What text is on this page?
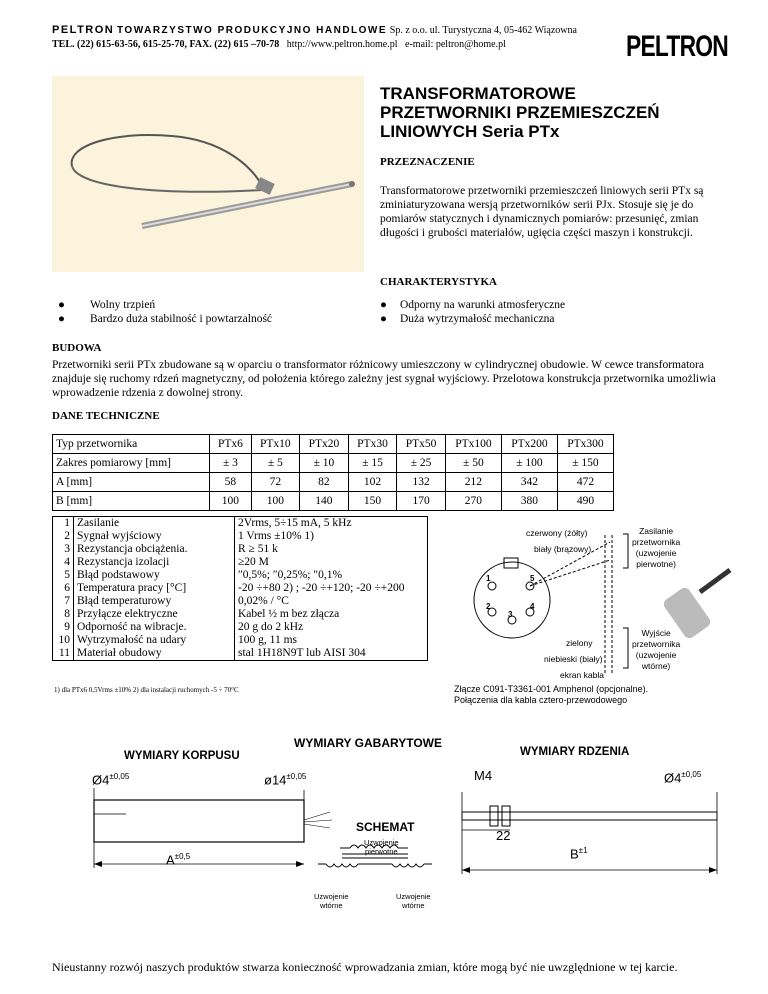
PELTRON TOWARZYSTWO PRODUKCYJNO HANDLOWE Sp. z o.o. ul. Turystyczna 4, 05-462 Wiązowna
TEL. (22) 615-63-56, 615-25-70, FAX. (22) 615 –70-78 http://www.peltron.home.pl e-mail: peltron@home.pl	PELTRON
TRANSFORMATOROWE
PRZETWORNIKI PRZEMIESZCZEŃ
LINIOWYCH Seria PTx
PRZEZNACZENIE
Transformatorowe przetworniki przemieszczeń liniowych serii PTx są zminiaturyzowana wersją przetworników serii PJx. Stosuje się je do pomiarów statycznych i dynamicznych pomiarów: przesunięć, zmian długości i grubości materiałów, ugięcia części maszyn i konstrukcji.
CHARAKTERYSTYKA
● Wolny trzpień
● Bardzo duża stabilność i powtarzalność
● Odporny na warunki atmosferyczne
● Duża wytrzymałość mechaniczna
BUDOWA
Przetworniki serii PTx zbudowane są w oparciu o transformator różnicowy umieszczony w cylindrycznej obudowie. W cewce transformatora znajduje się ruchomy rdzeń magnetyczny, od położenia którego zależny jest sygnał wyjściowy. Przelotowa konstrukcja przetwornika umożliwia wprowadzenie rdzenia z dowolnej strony.
DANE TECHNICZNE
Typ przetwornika	PTx6	PTx10	PTx20	PTx30	PTx50	PTx100	PTx200	PTx300
Zakres pomiarowy [mm]	± 3	± 5	± 10	± 15	± 25	± 50	± 100	± 150
A [mm]	58	72	82	102	132	212	342	472
B [mm]	100	100	140	150	170	270	380	490
1	Zasilanie	2Vrms, 5÷15 mA, 5 kHz
2	Sygnał wyjściowy	1 Vrms ±10% 1)
3	Rezystancja obciążenia.	R ≥ 51 k
4	Rezystancja izolacji	≥20 M
5	Błąd podstawowy	″0,5%; ″0,25%; ″0,1%
6	Temperatura pracy [°C]	-20 ÷+80 2) ; -20 ÷+120; -20 ÷+200
7	Błąd temperaturowy	0,02% / °C
8	Przyłącze elektryczne	Kabel ½ m bez złącza
9	Odporność na wibracje.	20 g do 2 kHz
10	Wytrzymałość na udary	100 g, 11 ms
11	Materiał obudowy	stal 1H18N9T lub AISI 304
1) dla PTx6 0,5Vrms ±10% 2) dla instalacji ruchomych -5 ÷ 70°C
czerwony (żółty)
biały (brązowy)
zielony
niebieski (biały)
ekran kabla
1	5
2	4
3
Zasilanie
przetwornika
(uzwojenie
pierwotne)
Wyjście
przetwornika
(uzwojenie
wtórne)
Złącze C091-T3361-001 Amphenol (opcjonalne).
Połączenia dla kabla cztero-przewodowego
WYMIARY GABARYTOWE
WYMIARY KORPUSU	WYMIARY RDZENIA
$Ø4^{\pm 0,05}$	$ø14^{\pm 0,05}$	M4	$Ø4^{\pm 0,05}$
SCHEMAT
Uzwojenie
pierwotne
Uzwojenie
wtórne
Uzwojenie
wtórne
$A^{\pm 0,5}$
22
$B^{\pm 1}$
Nieustanny rozwój naszych produktów stwarza konieczność wprowadzania zmian, które mogą być nie uwzględnione w tej karcie.
